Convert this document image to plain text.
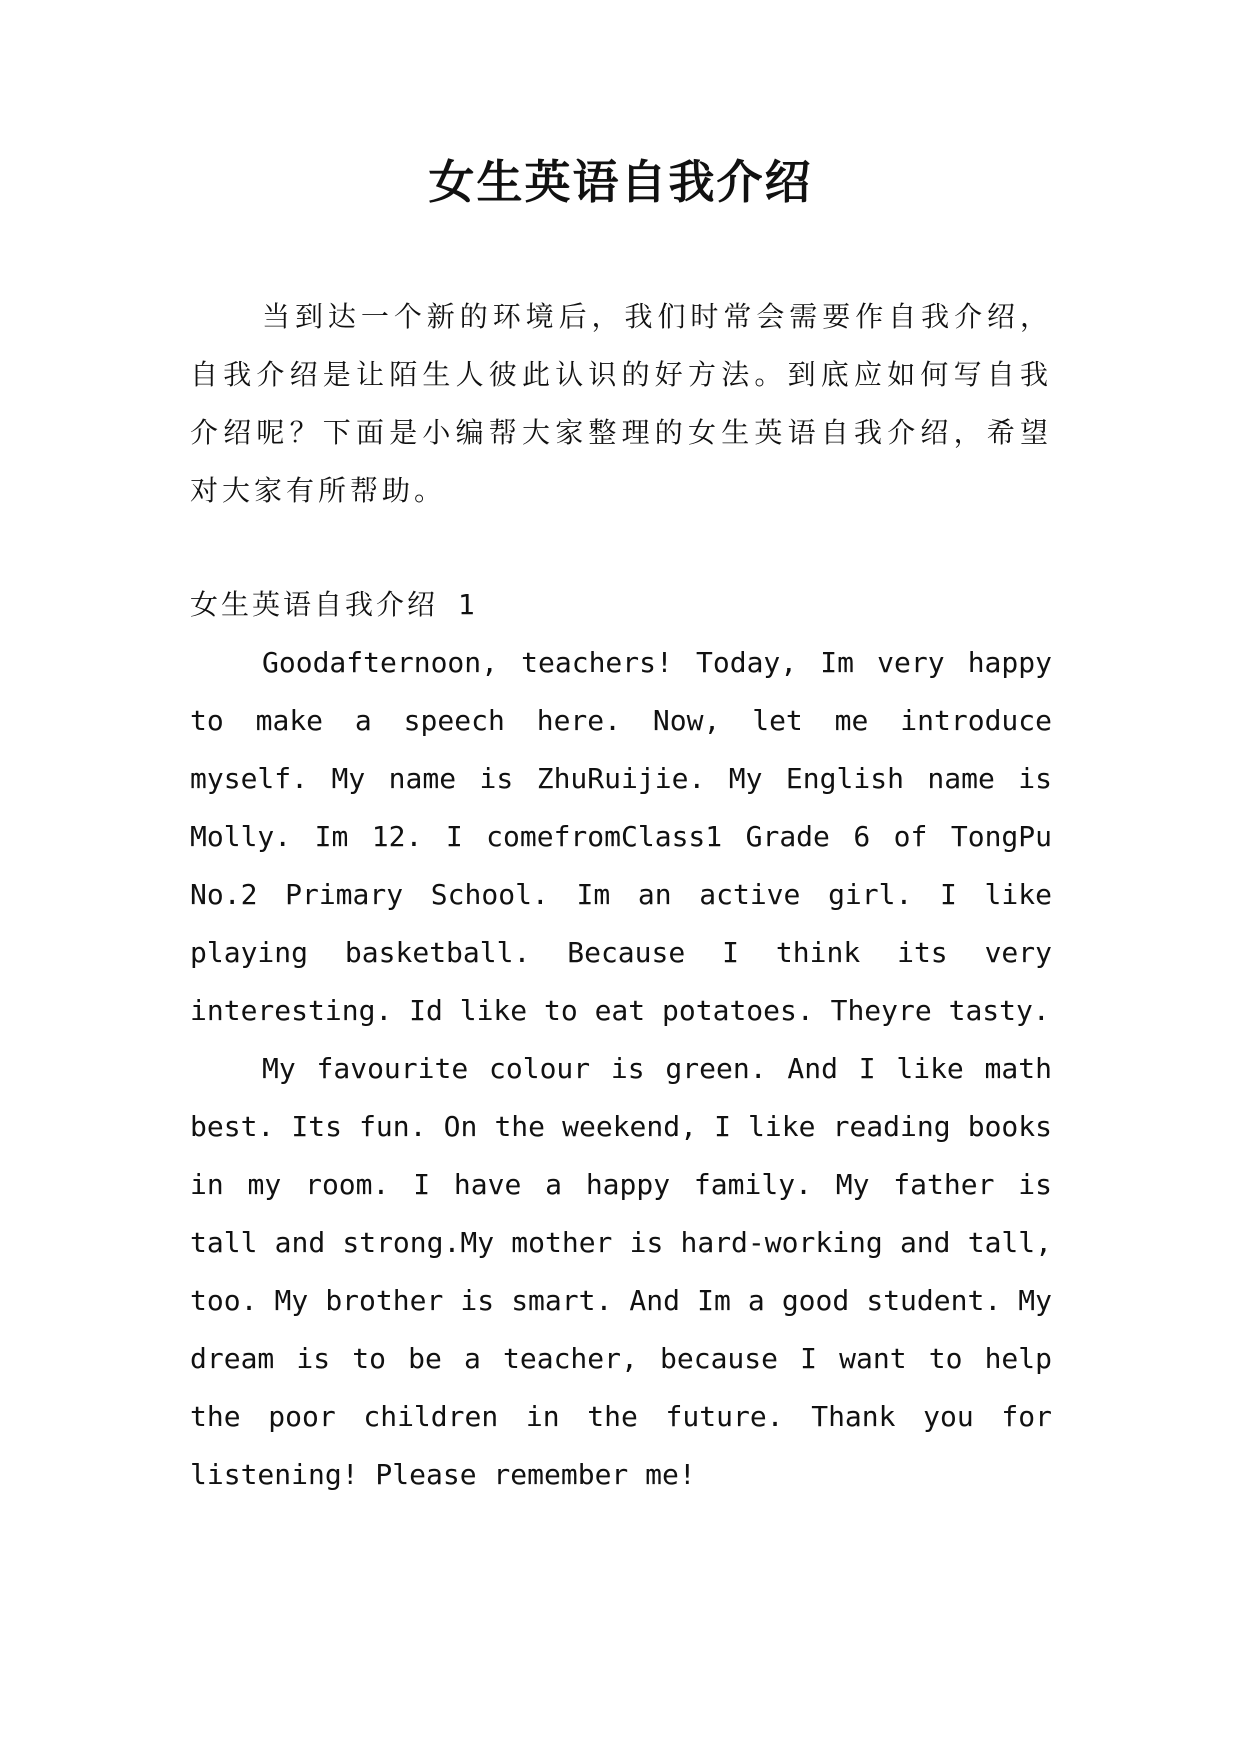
女生英语自我介绍

当到达一个新的环境后，我们时常会需要作自我介绍，自我介绍是让陌生人彼此认识的好方法。到底应如何写自我介绍呢？下面是小编帮大家整理的女生英语自我介绍，希望对大家有所帮助。

女生英语自我介绍 1

Goodafternoon, teachers! Today, Im very happy to make a speech here. Now, let me introduce myself. My name is ZhuRuijie. My English name is Molly. Im 12. I comefromClass1 Grade 6 of TongPu No.2 Primary School. Im an active girl. I like playing basketball. Because I think its very interesting. Id like to eat potatoes. Theyre tasty.

My favourite colour is green. And I like math best. Its fun. On the weekend, I like reading books in my room. I have a happy family. My father is tall and strong.My mother is hard-working and tall, too. My brother is smart. And Im a good student. My dream is to be a teacher, because I want to help the poor children in the future. Thank you for listening! Please remember me!
